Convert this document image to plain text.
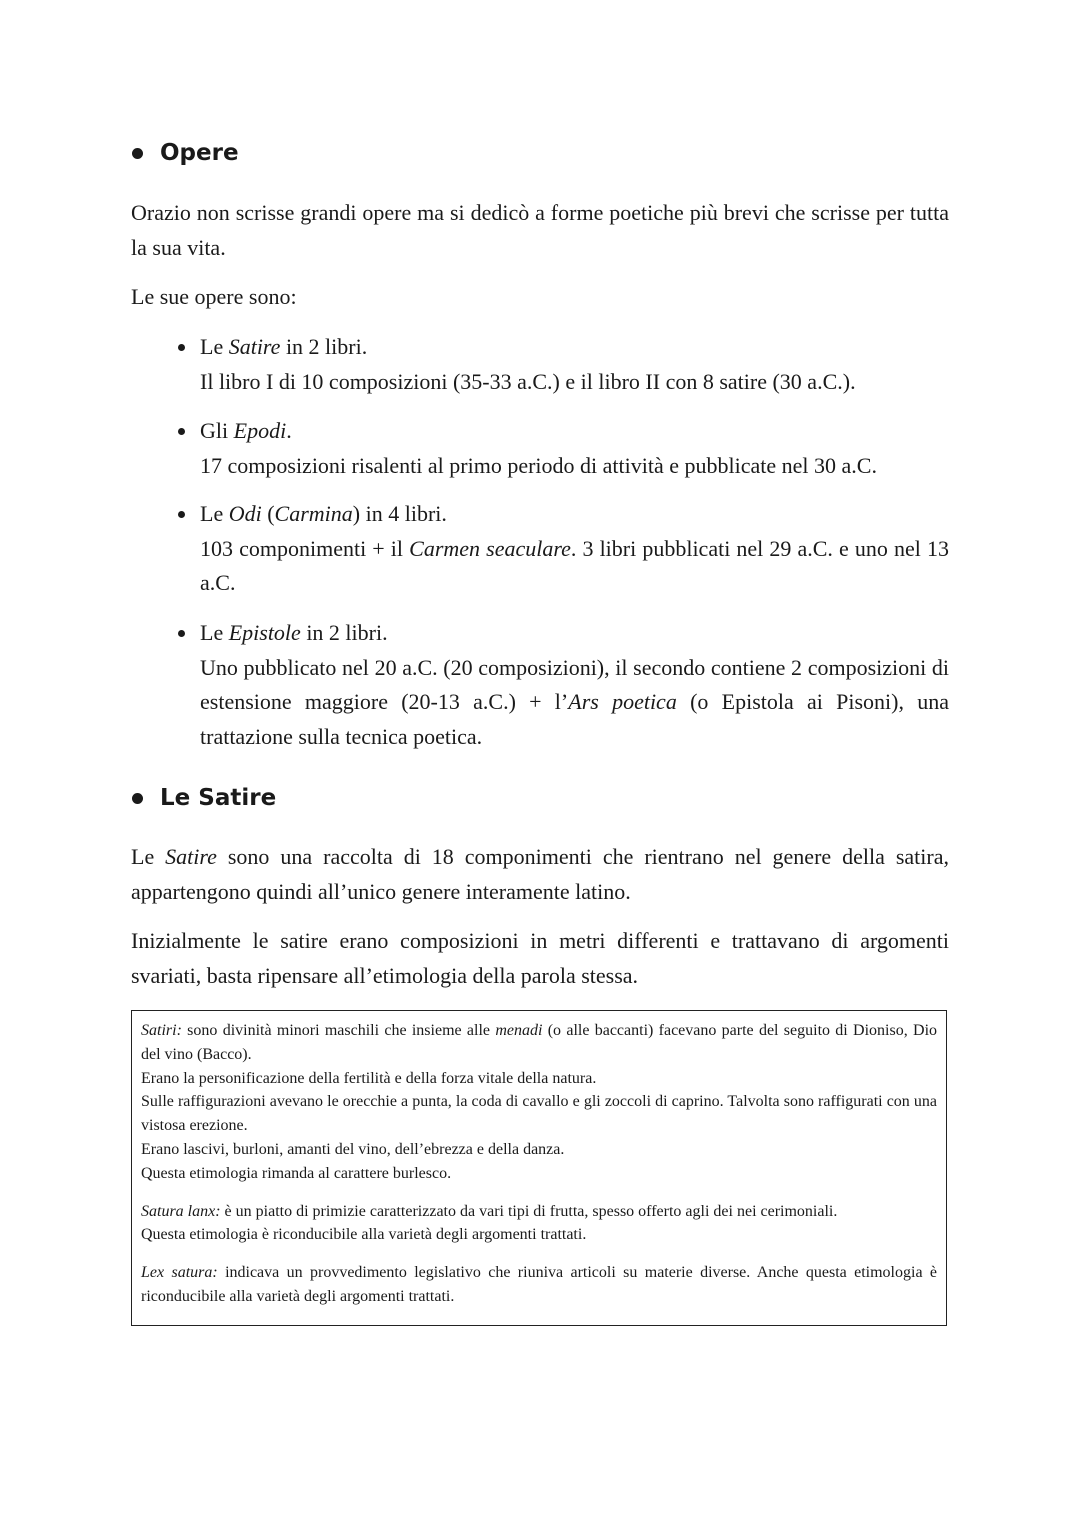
Opere

Orazio non scrisse grandi opere ma si dedicò a forme poetiche più brevi che scrisse per tutta la sua vita.

Le sue opere sono:

Le Satire in 2 libri.
Il libro I di 10 composizioni (35-33 a.C.) e il libro II con 8 satire (30 a.C.).
Gli Epodi.
17 composizioni risalenti al primo periodo di attività e pubblicate nel 30 a.C.
Le Odi (Carmina) in 4 libri.
103 componimenti + il Carmen seaculare. 3 libri pubblicati nel 29 a.C. e uno nel 13 a.C.
Le Epistole in 2 libri.
Uno pubblicato nel 20 a.C. (20 composizioni), il secondo contiene 2 composizioni di estensione maggiore (20-13 a.C.) + l’Ars poetica (o Epistola ai Pisoni), una trattazione sulla tecnica poetica.
Le Satire

Le Satire sono una raccolta di 18 componimenti che rientrano nel genere della satira, appartengono quindi all’unico genere interamente latino.

Inizialmente le satire erano composizioni in metri differenti e trattavano di argomenti svariati, basta ripensare all’etimologia della parola stessa.

Satiri: sono divinità minori maschili che insieme alle menadi (o alle baccanti) facevano parte del seguito di Dioniso, Dio del vino (Bacco).

Erano la personificazione della fertilità e della forza vitale della natura.

Sulle raffigurazioni avevano le orecchie a punta, la coda di cavallo e gli zoccoli di caprino. Talvolta sono raffigurati con una vistosa erezione.

Erano lascivi, burloni, amanti del vino, dell’ebrezza e della danza.

Questa etimologia rimanda al carattere burlesco.

Satura lanx: è un piatto di primizie caratterizzato da vari tipi di frutta, spesso offerto agli dei nei cerimoniali.

Questa etimologia è riconducibile alla varietà degli argomenti trattati.

Lex satura: indicava un provvedimento legislativo che riuniva articoli su materie diverse. Anche questa etimologia è riconducibile alla varietà degli argomenti trattati.
